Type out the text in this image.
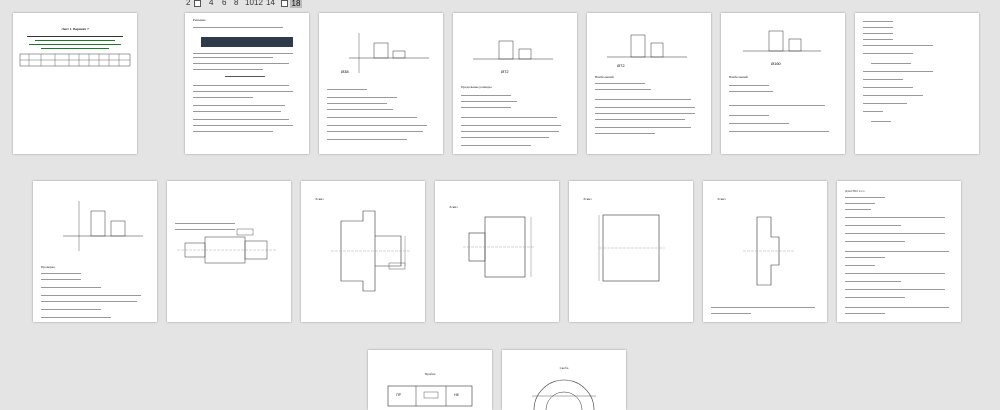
2 4 6 8 10 12 14 18
Лист 1. Вариант 7
Решение
Ø38	Ø72
Предельные размеры
Ø72
Наибольший
Ø160
Наибольший
Проверка
Эскиз
Эскиз
Эскиз	Эскиз
Для ГРО 1-го
Пробка
ПР	НЕ
Скоба
